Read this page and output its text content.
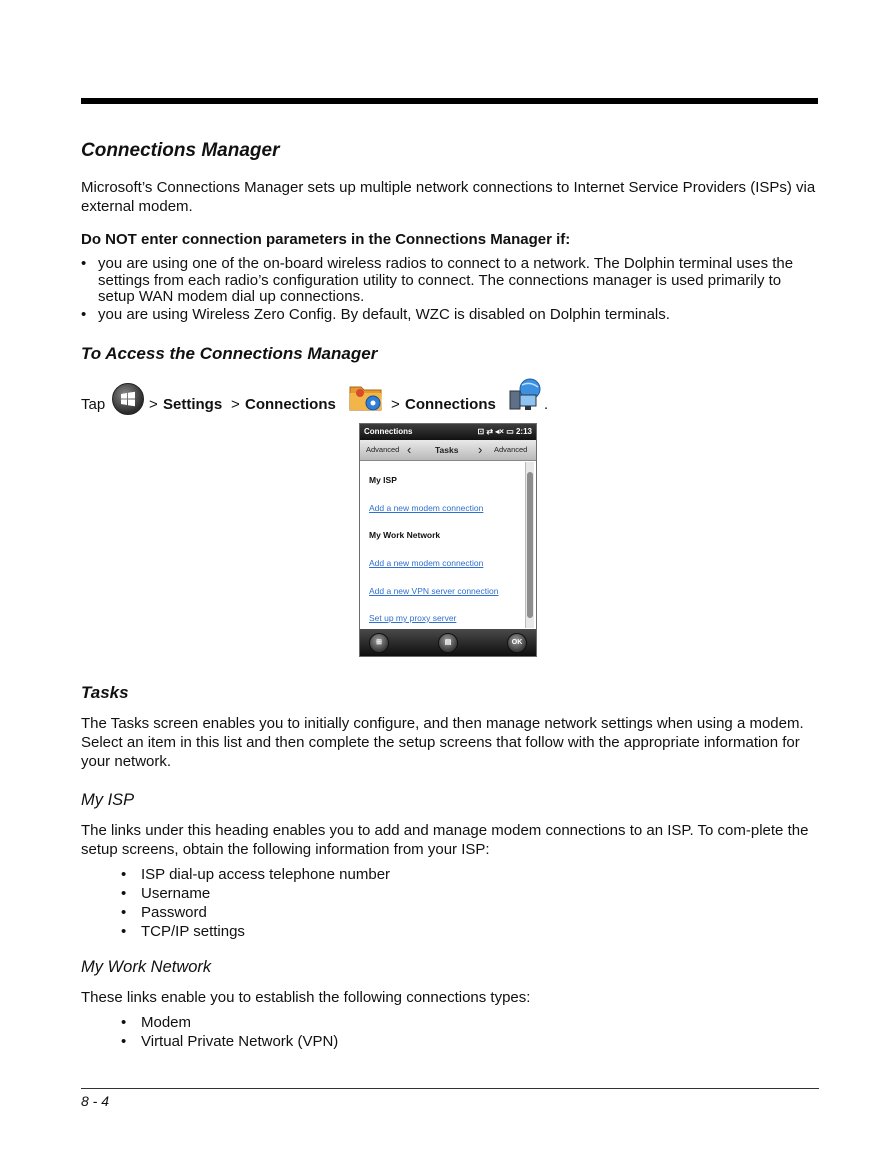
Connections Manager
Microsoft’s Connections Manager sets up multiple network connections to Internet Service Providers (ISPs) via external modem.
Do NOT enter connection parameters in the Connections Manager if:
• you are using one of the on-board wireless radios to connect to a network. The Dolphin terminal uses the settings from each radio’s configuration utility to connect. The connections manager is used primarily to setup WAN modem dial up connections.
• you are using Wireless Zero Config. By default, WZC is disabled on Dolphin terminals.
To Access the Connections Manager
Tap	> Settings > Connections	> Connections	.
Connections	⊡ ⇄ ◂× ▭ 2:13
Advanced ‹	Tasks › Advanced
My ISP
Add a new modem connection
My Work Network
Add a new modem connection
Add a new VPN server connection
Set up my proxy server
⊞	▤	OK
Tasks
The Tasks screen enables you to initially configure, and then manage network settings when using a modem. Select an item in this list and then complete the setup screens that follow with the appropriate information for your network.
My ISP
The links under this heading enables you to add and manage modem connections to an ISP. To com-plete the setup screens, obtain the following information from your ISP:
• ISP dial-up access telephone number
• Username
• Password
• TCP/IP settings
My Work Network
These links enable you to establish the following connections types:
• Modem
• Virtual Private Network (VPN)
8 - 4
